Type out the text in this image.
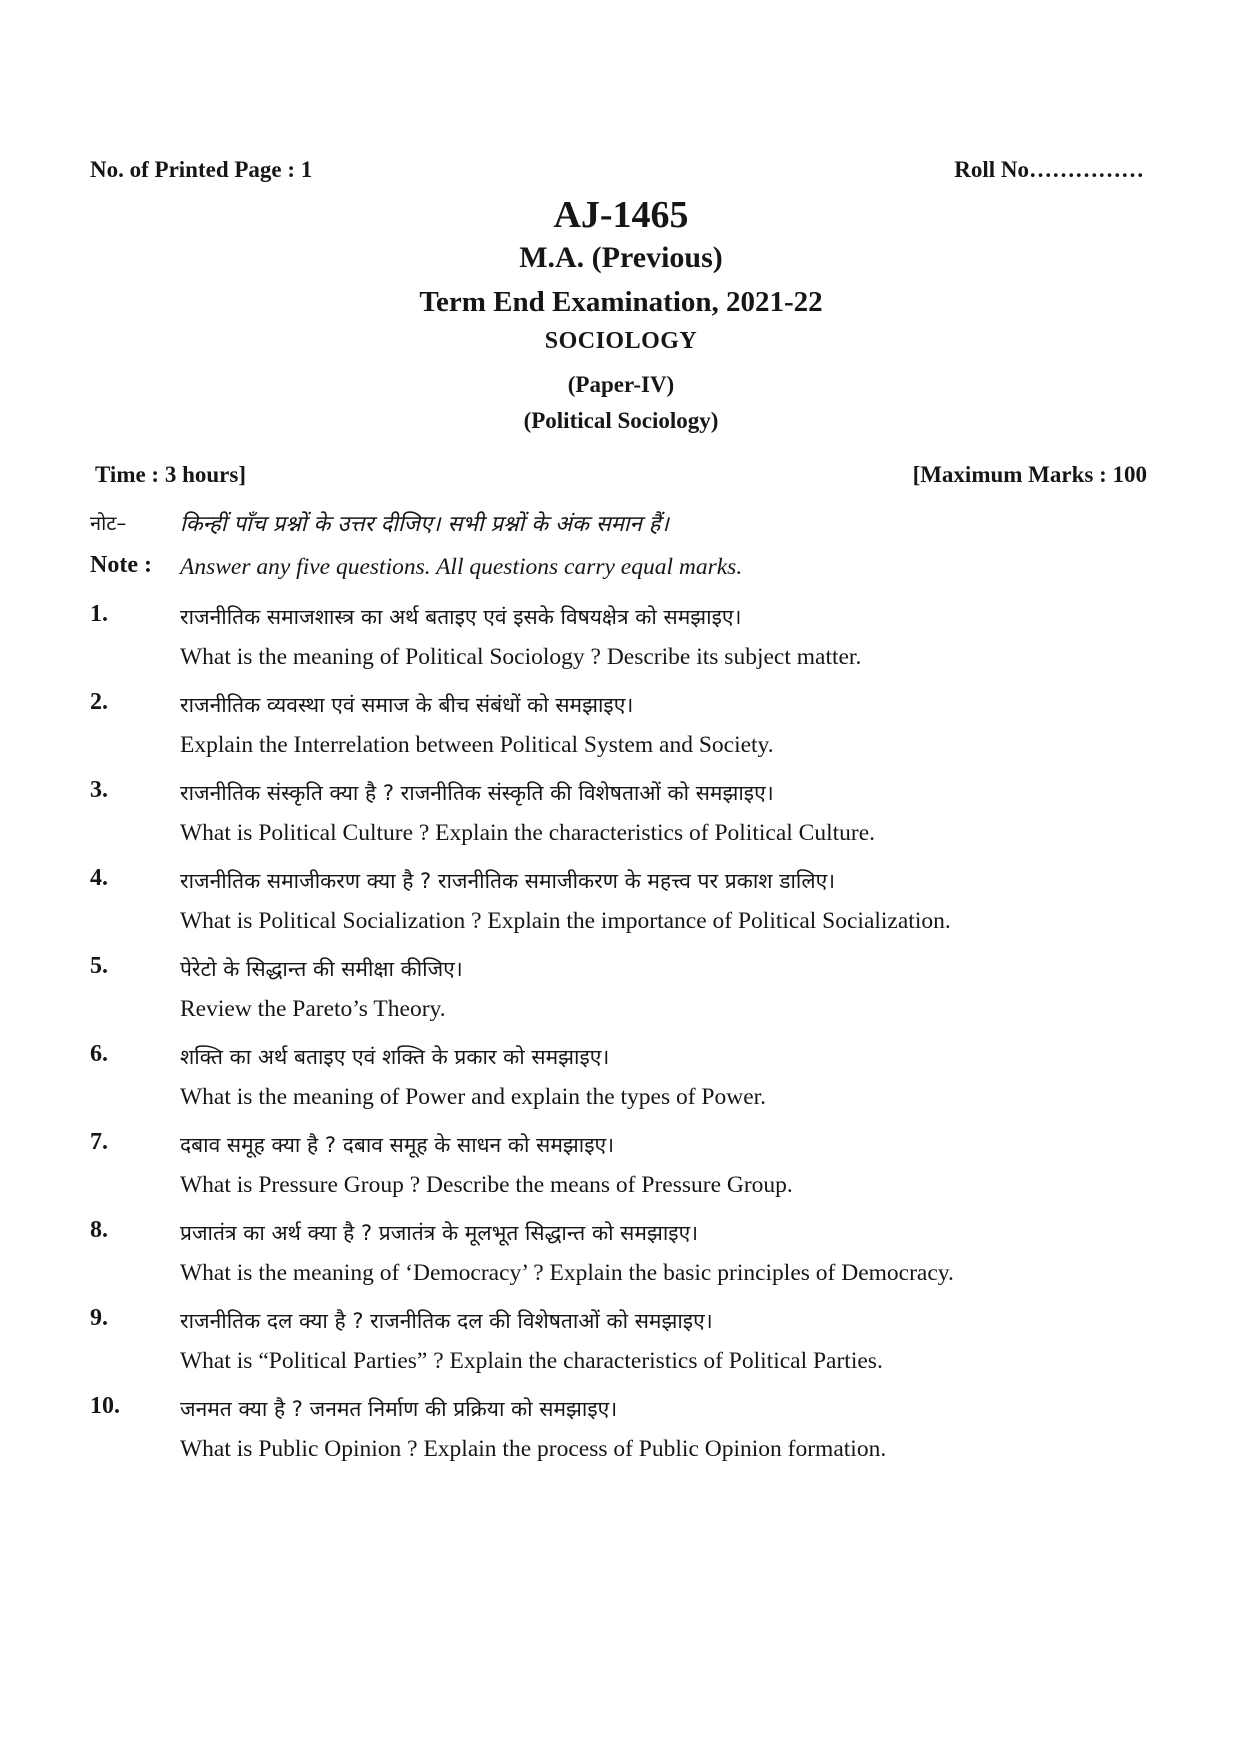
No. of Printed Page : 1	Roll No……………
AJ-1465
M.A. (Previous)
Term End Examination, 2021-22
SOCIOLOGY
(Paper-IV)
(Political Sociology)
Time : 3 hours]	[Maximum Marks : 100
नोट– किन्हीं पाँच प्रश्नों के उत्तर दीजिए। सभी प्रश्नों के अंक समान हैं।
Note : Answer any five questions. All questions carry equal marks.
1.	राजनीतिक समाजशास्त्र का अर्थ बताइए एवं इसके विषयक्षेत्र को समझाइए।
What is the meaning of Political Sociology ? Describe its subject matter.
2.	राजनीतिक व्यवस्था एवं समाज के बीच संबंधों को समझाइए।
Explain the Interrelation between Political System and Society.
3.	राजनीतिक संस्कृति क्या है ? राजनीतिक संस्कृति की विशेषताओं को समझाइए।
What is Political Culture ? Explain the characteristics of Political Culture.
4.	राजनीतिक समाजीकरण क्या है ? राजनीतिक समाजीकरण के महत्त्व पर प्रकाश डालिए।
What is Political Socialization ? Explain the importance of Political Socialization.
5.	पेरेटो के सिद्धान्त की समीक्षा कीजिए।
Review the Pareto’s Theory.
6.	शक्ति का अर्थ बताइए एवं शक्ति के प्रकार को समझाइए।
What is the meaning of Power and explain the types of Power.
7.	दबाव समूह क्या है ? दबाव समूह के साधन को समझाइए।
What is Pressure Group ? Describe the means of Pressure Group.
8.	प्रजातंत्र का अर्थ क्या है ? प्रजातंत्र के मूलभूत सिद्धान्त को समझाइए।
What is the meaning of ‘Democracy’ ? Explain the basic principles of Democracy.
9.	राजनीतिक दल क्या है ? राजनीतिक दल की विशेषताओं को समझाइए।
What is “Political Parties” ? Explain the characteristics of Political Parties.
10.	जनमत क्या है ? जनमत निर्माण की प्रक्रिया को समझाइए।
What is Public Opinion ? Explain the process of Public Opinion formation.
